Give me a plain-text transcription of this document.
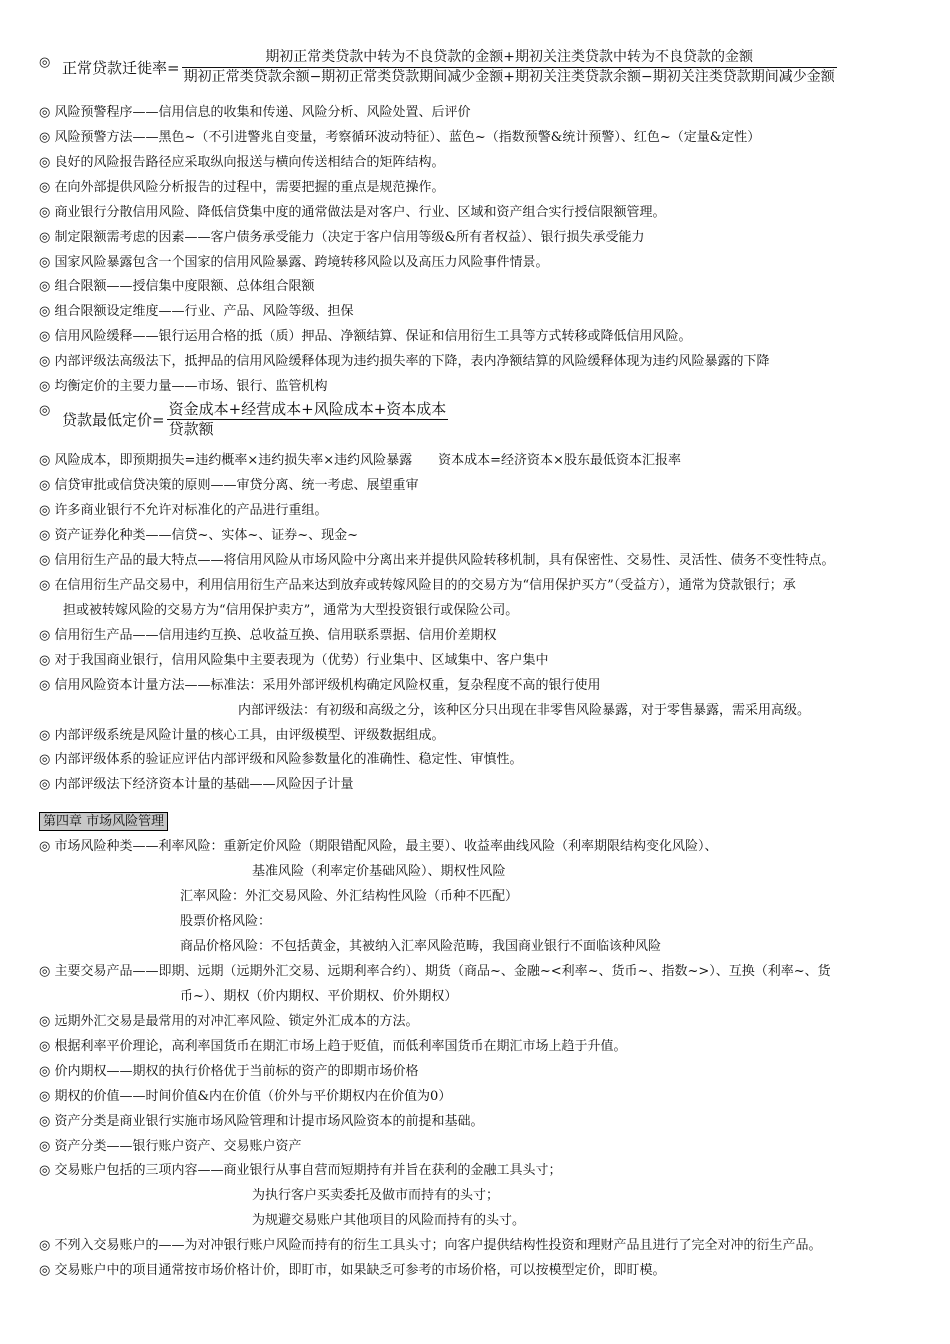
◎ 正常贷款迁徙率= $\frac{\text{期初正常类贷款中转为不良贷款的金额+期初关注类贷款中转为不良贷款的金额}}{\text{期初正常类贷款余额−期初正常类贷款期间减少金额+期初关注类贷款余额−期初关注类贷款期间减少金额}}$
◎ 风险预警程序——信用信息的收集和传递、风险分析、风险处置、后评价
◎ 风险预警方法——黑色~（不引进警兆自变量，考察循环波动特征）、蓝色~（指数预警&统计预警）、红色~（定量&定性）
◎ 良好的风险报告路径应采取纵向报送与横向传送相结合的矩阵结构。
◎ 在向外部提供风险分析报告的过程中，需要把握的重点是规范操作。
◎ 商业银行分散信用风险、降低信贷集中度的通常做法是对客户、行业、区域和资产组合实行授信限额管理。
◎ 制定限额需考虑的因素——客户债务承受能力（决定于客户信用等级&所有者权益）、银行损失承受能力
◎ 国家风险暴露包含一个国家的信用风险暴露、跨境转移风险以及高压力风险事件情景。
◎ 组合限额——授信集中度限额、总体组合限额
◎ 组合限额设定维度——行业、产品、风险等级、担保
◎ 信用风险缓释——银行运用合格的抵（质）押品、净额结算、保证和信用衍生工具等方式转移或降低信用风险。
◎ 内部评级法高级法下，抵押品的信用风险缓释体现为违约损失率的下降，表内净额结算的风险缓释体现为违约风险暴露的下降
◎ 均衡定价的主要力量——市场、银行、监管机构
◎
贷款最低定价= $\frac{\text{资金成本+经营成本+风险成本+资本成本}}{\text{贷款额}}$
◎ 风险成本，即预期损失=违约概率×违约损失率×违约风险暴露　　资本成本=经济资本×股东最低资本汇报率
◎ 信贷审批或信贷决策的原则——审贷分离、统一考虑、展望重审
◎ 许多商业银行不允许对标准化的产品进行重组。
◎ 资产证券化种类——信贷~、实体~、证券~、现金~
◎ 信用衍生产品的最大特点——将信用风险从市场风险中分离出来并提供风险转移机制，具有保密性、交易性、灵活性、债务不变性特点。
◎ 在信用衍生产品交易中，利用信用衍生产品来达到放弃或转嫁风险目的的交易方为“信用保护买方”（受益方），通常为贷款银行；承
担或被转嫁风险的交易方为“信用保护卖方”，通常为大型投资银行或保险公司。
◎ 信用衍生产品——信用违约互换、总收益互换、信用联系票据、信用价差期权
◎ 对于我国商业银行，信用风险集中主要表现为（优势）行业集中、区域集中、客户集中
◎ 信用风险资本计量方法——标准法：采用外部评级机构确定风险权重，复杂程度不高的银行使用
内部评级法：有初级和高级之分，该种区分只出现在非零售风险暴露，对于零售暴露，需采用高级。
◎ 内部评级系统是风险计量的核心工具，由评级模型、评级数据组成。
◎ 内部评级体系的验证应评估内部评级和风险参数量化的准确性、稳定性、审慎性。
◎ 内部评级法下经济资本计量的基础——风险因子计量
第四章 市场风险管理
◎ 市场风险种类——利率风险：重新定价风险（期限错配风险，最主要）、收益率曲线风险（利率期限结构变化风险）、
基准风险（利率定价基础风险）、期权性风险
汇率风险：外汇交易风险、外汇结构性风险（币种不匹配）
股票价格风险：
商品价格风险：不包括黄金，其被纳入汇率风险范畴，我国商业银行不面临该种风险
◎ 主要交易产品——即期、远期（远期外汇交易、远期利率合约）、期货（商品~、金融~<利率~、货币~、指数~>）、互换（利率~、货
币~）、期权（价内期权、平价期权、价外期权）
◎ 远期外汇交易是最常用的对冲汇率风险、锁定外汇成本的方法。
◎ 根据利率平价理论，高利率国货币在期汇市场上趋于贬值，而低利率国货币在期汇市场上趋于升值。
◎ 价内期权——期权的执行价格优于当前标的资产的即期市场价格
◎ 期权的价值——时间价值&内在价值（价外与平价期权内在价值为0）
◎ 资产分类是商业银行实施市场风险管理和计提市场风险资本的前提和基础。
◎ 资产分类——银行账户资产、交易账户资产
◎ 交易账户包括的三项内容——商业银行从事自营而短期持有并旨在获利的金融工具头寸；
为执行客户买卖委托及做市而持有的头寸；
为规避交易账户其他项目的风险而持有的头寸。
◎ 不列入交易账户的——为对冲银行账户风险而持有的衍生工具头寸；向客户提供结构性投资和理财产品且进行了完全对冲的衍生产品。
◎ 交易账户中的项目通常按市场价格计价，即盯市，如果缺乏可参考的市场价格，可以按模型定价，即盯模。
